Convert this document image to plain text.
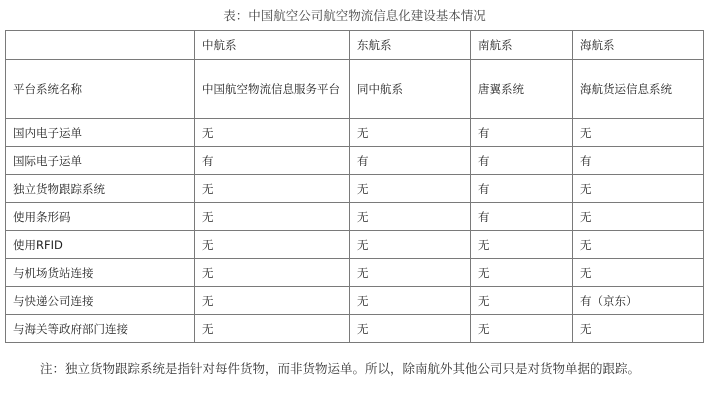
表：中国航空公司航空物流信息化建设基本情况
	中航系	东航系	南航系	海航系
平台系统名称	中国航空物流信息服务平台	同中航系	唐翼系统	海航货运信息系统
国内电子运单	无	无	有	无
国际电子运单	有	有	有	有
独立货物跟踪系统	无	无	有	无
使用条形码	无	无	有	无
使用RFID	无	无	无	无
与机场货站连接	无	无	无	无
与快递公司连接	无	无	无	有（京东）
与海关等政府部门连接	无	无	无	无
注：独立货物跟踪系统是指针对每件货物，而非货物运单。所以，除南航外其他公司只是对货物单据的跟踪。
